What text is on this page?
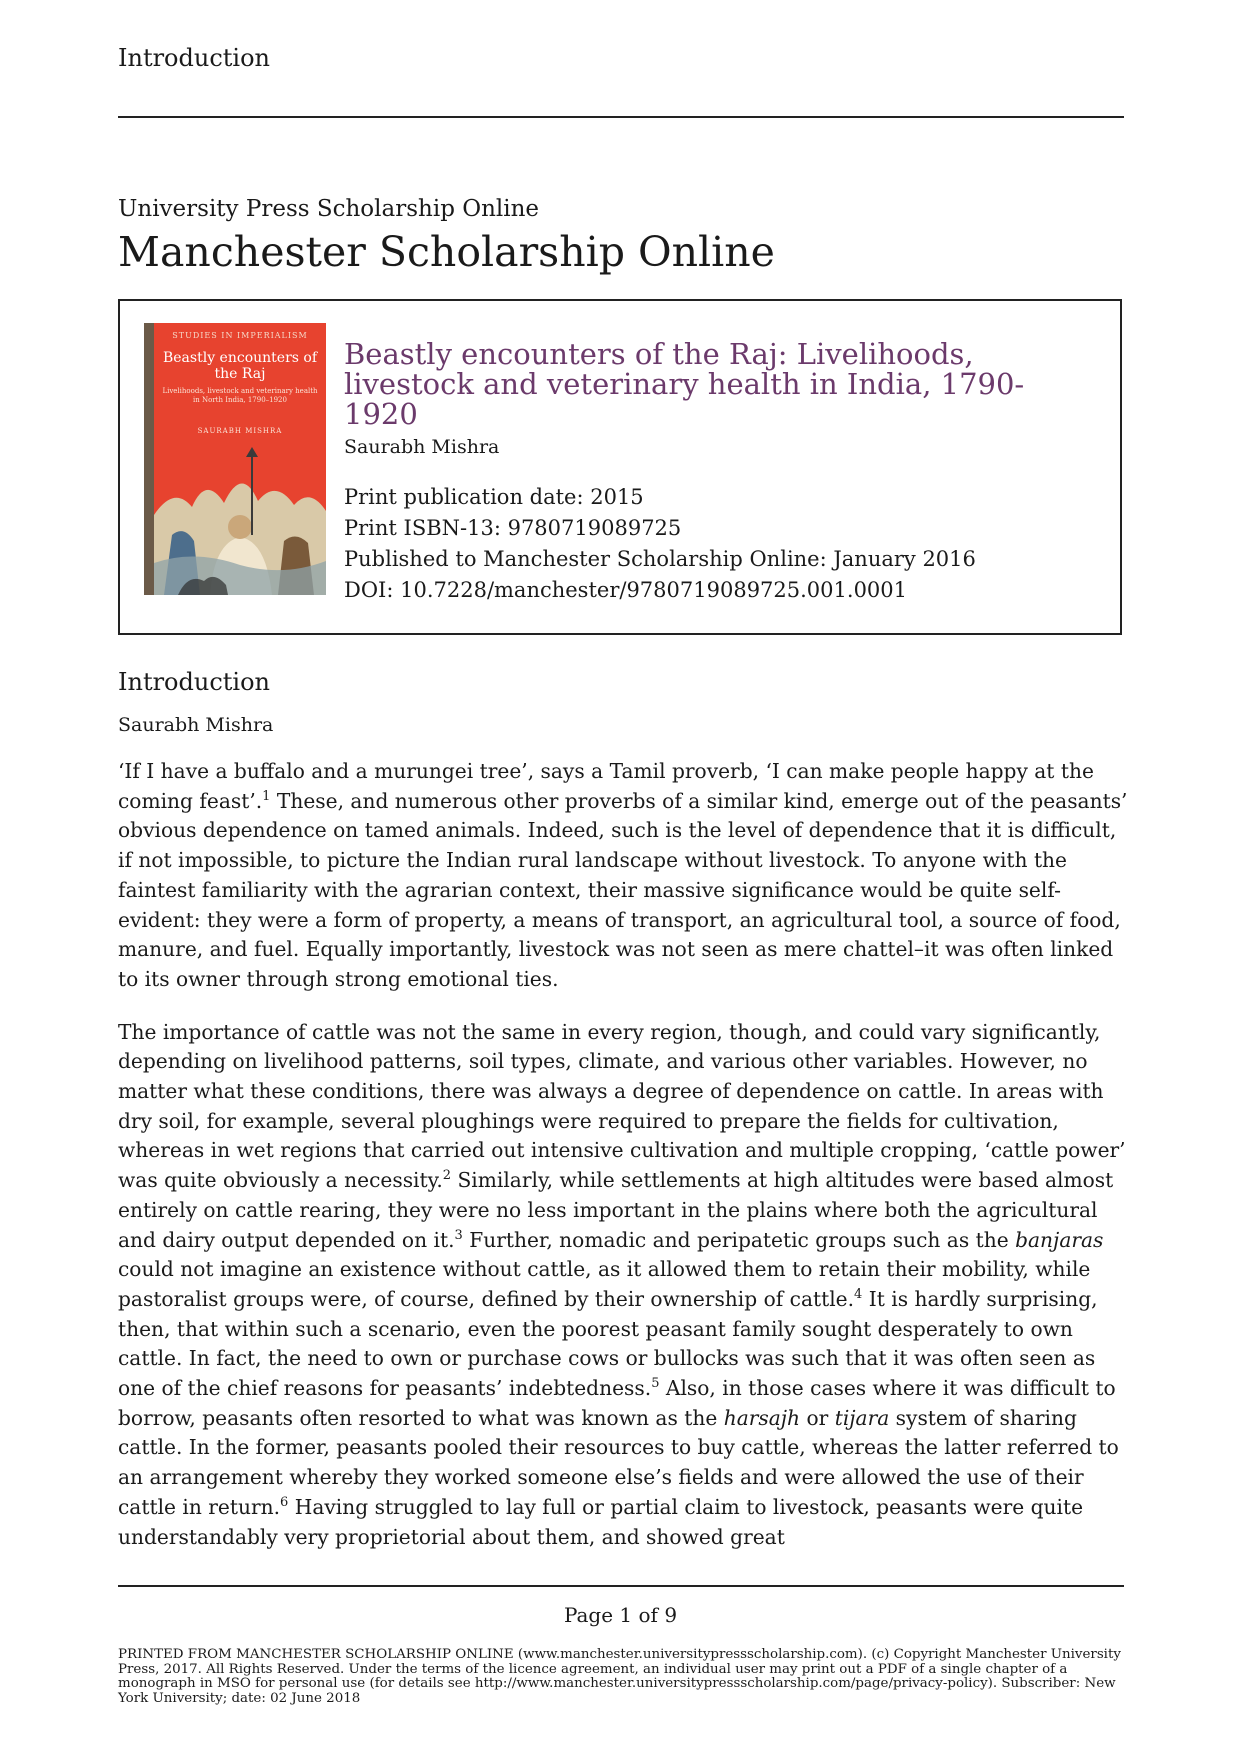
Introduction
University Press Scholarship Online
Manchester Scholarship Online
STUDIES IN IMPERIALISM
Beastly encounters of the Raj
Livelihoods, livestock and veterinary health in North India, 1790–1920
SAURABH MISHRA
Beastly encounters of the Raj: Livelihoods, livestock and veterinary health in India, 1790-1920
Saurabh Mishra
Print publication date: 2015
Print ISBN-13: 9780719089725
Published to Manchester Scholarship Online: January 2016
DOI: 10.7228/manchester/9780719089725.001.0001
Introduction
Saurabh Mishra

‘If I have a buffalo and a murungei tree’, says a Tamil proverb, ‘I can make people happy at the coming feast’.$^1$ These, and numerous other proverbs of a similar kind, emerge out of the peasants’ obvious dependence on tamed animals. Indeed, such is the level of dependence that it is difficult, if not impossible, to picture the Indian rural landscape without livestock. To anyone with the faintest familiarity with the agrarian context, their massive significance would be quite self-evident: they were a form of property, a means of transport, an agricultural tool, a source of food, manure, and fuel. Equally importantly, livestock was not seen as mere chattel–it was often linked to its owner through strong emotional ties.

The importance of cattle was not the same in every region, though, and could vary significantly, depending on livelihood patterns, soil types, climate, and various other variables. However, no matter what these conditions, there was always a degree of dependence on cattle. In areas with dry soil, for example, several ploughings were required to prepare the fields for cultivation, whereas in wet regions that carried out intensive cultivation and multiple cropping, ‘cattle power’ was quite obviously a necessity.$^2$ Similarly, while settlements at high altitudes were based almost entirely on cattle rearing, they were no less important in the plains where both the agricultural and dairy output depended on it.$^3$ Further, nomadic and peripatetic groups such as the banjaras could not imagine an existence without cattle, as it allowed them to retain their mobility, while pastoralist groups were, of course, defined by their ownership of cattle.$^4$ It is hardly surprising, then, that within such a scenario, even the poorest peasant family sought desperately to own cattle. In fact, the need to own or purchase cows or bullocks was such that it was often seen as one of the chief reasons for peasants’ indebtedness.$^5$ Also, in those cases where it was difficult to borrow, peasants often resorted to what was known as the harsajh or tijara system of sharing cattle. In the former, peasants pooled their resources to buy cattle, whereas the latter referred to an arrangement whereby they worked someone else’s fields and were allowed the use of their cattle in return.$^6$ Having struggled to lay full or partial claim to livestock, peasants were quite understandably very proprietorial about them, and showed great

Page 1 of 9
PRINTED FROM MANCHESTER SCHOLARSHIP ONLINE (www.manchester.universitypressscholarship.com). (c) Copyright Manchester University Press, 2017. All Rights Reserved. Under the terms of the licence agreement, an individual user may print out a PDF of a single chapter of a monograph in MSO for personal use (for details see http://www.manchester.universitypressscholarship.com/page/privacy-policy). Subscriber: New York University; date: 02 June 2018
